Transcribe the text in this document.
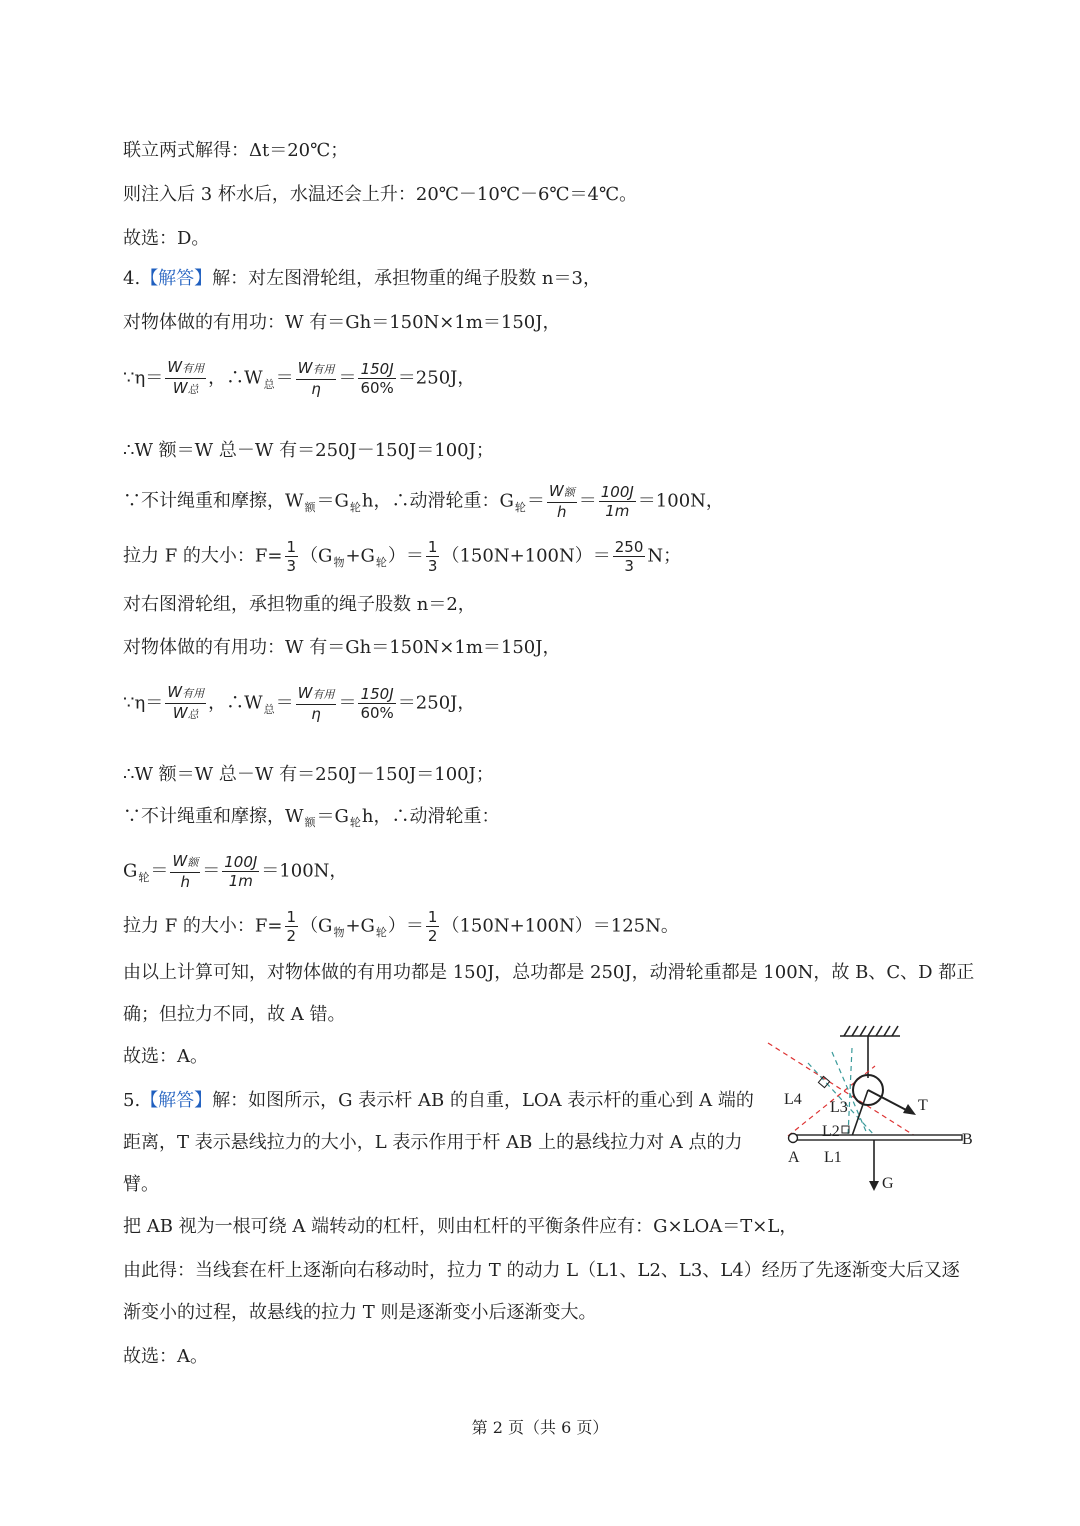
联立两式解得：Δt＝20℃；
则注入后 3 杯水后，水温还会上升：20℃－10℃－6℃＝4℃。
故选：D。
4.【解答】解：对左图滑轮组，承担物重的绳子股数 n＝3，
对物体做的有用功：W 有＝Gh＝150N×1m＝150J，
∵η＝ $\frac{\text{W有用}}{\text{W总}}$ ，$\therefore W_总= \frac{\text{W有用}}{\eta} = \frac{150J}{60\%} =250J$，
∴W 额＝W 总－W 有＝250J－150J＝100J；
∵不计绳重和摩擦，$W_额=G_轮h$，∴动滑轮重：$G_轮= \frac{\text{W额}}{h} = \frac{100J}{1m} =100N$，
拉力 F 的大小：$F= \frac{1}{3} (G_物+G_轮)= \frac{1}{3} (150N+100N)= \frac{250}{3}$ N；
对右图滑轮组，承担物重的绳子股数 n＝2，
对物体做的有用功：W 有＝Gh＝150N×1m＝150J，
∵η＝ $\frac{\text{W有用}}{\text{W总}}$ ，$\therefore W_总= \frac{\text{W有用}}{\eta} = \frac{150J}{60\%} =250J$，
∴W 额＝W 总－W 有＝250J－150J＝100J；
∵不计绳重和摩擦，$W_额=G_轮h$，∴动滑轮重：
$G_轮= \frac{\text{W额}}{h} = \frac{100J}{1m} =100N$，
拉力 F 的大小：$F= \frac{1}{2} (G_物+G_轮)= \frac{1}{2} (150N+100N)=125N$。
由以上计算可知，对物体做的有用功都是 150J，总功都是 250J，动滑轮重都是 100N，故 B、C、D 都正
确；但拉力不同，故 A 错。
故选：A。
5.【解答】解：如图所示，G 表示杆 AB 的自重，LOA 表示杆的重心到 A 端的
距离，T 表示悬线拉力的大小，L 表示作用于杆 AB 上的悬线拉力对 A 点的力
臂。
把 AB 视为一根可绕 A 端转动的杠杆，则由杠杆的平衡条件应有：G×LOA＝T×L，
由此得：当线套在杆上逐渐向右移动时，拉力 T 的动力 L（L1、L2、L3、L4）经历了先逐渐变大后又逐
渐变小的过程，故悬线的拉力 T 则是逐渐变小后逐渐变大。
故选：A。
L4 L3
L2
L1
A
B
T
G
第 2 页（共 6 页）
